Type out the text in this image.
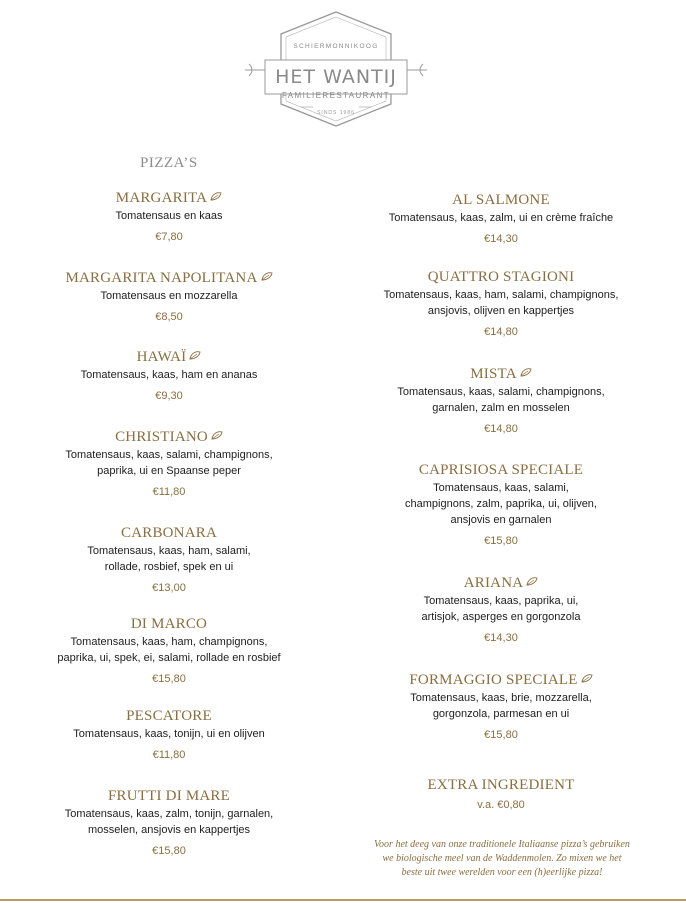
SCHIERMONNIKOOG
HET WANTIJ
FAMILIERESTAURANT
SINDS 1986
PIZZA’S
MARGARITA
Tomatensaus en kaas
€7,80
MARGARITA NAPOLITANA
Tomatensaus en mozzarella
€8,50
HAWAÏ
Tomatensaus, kaas, ham en ananas
€9,30
CHRISTIANO
Tomatensaus, kaas, salami, champignons,
paprika, ui en Spaanse peper
€11,80
CARBONARA
Tomatensaus, kaas, ham, salami,
rollade, rosbief, spek en ui
€13,00
DI MARCO
Tomatensaus, kaas, ham, champignons,
paprika, ui, spek, ei, salami, rollade en rosbief
€15,80
PESCATORE
Tomatensaus, kaas, tonijn, ui en olijven
€11,80
FRUTTI DI MARE
Tomatensaus, kaas, zalm, tonijn, garnalen,
mosselen, ansjovis en kappertjes
€15,80
AL SALMONE
Tomatensaus, kaas, zalm, ui en crème fraîche
€14,30
QUATTRO STAGIONI
Tomatensaus, kaas, ham, salami, champignons,
ansjovis, olijven en kappertjes
€14,80
MISTA
Tomatensaus, kaas, salami, champignons,
garnalen, zalm en mosselen
€14,80
CAPRISIOSA SPECIALE
Tomatensaus, kaas, salami,
champignons, zalm, paprika, ui, olijven,
ansjovis en garnalen
€15,80
ARIANA
Tomatensaus, kaas, paprika, ui,
artisjok, asperges en gorgonzola
€14,30
FORMAGGIO SPECIALE
Tomatensaus, kaas, brie, mozzarella,
gorgonzola, parmesan en ui
€15,80
EXTRA INGREDIENT
v.a. €0,80
Voor het deeg van onze traditionele Italiaanse pizza’s gebruiken
we biologische meel van de Waddenmolen. Zo mixen we het
beste uit twee werelden voor een (h)eerlijke pizza!
